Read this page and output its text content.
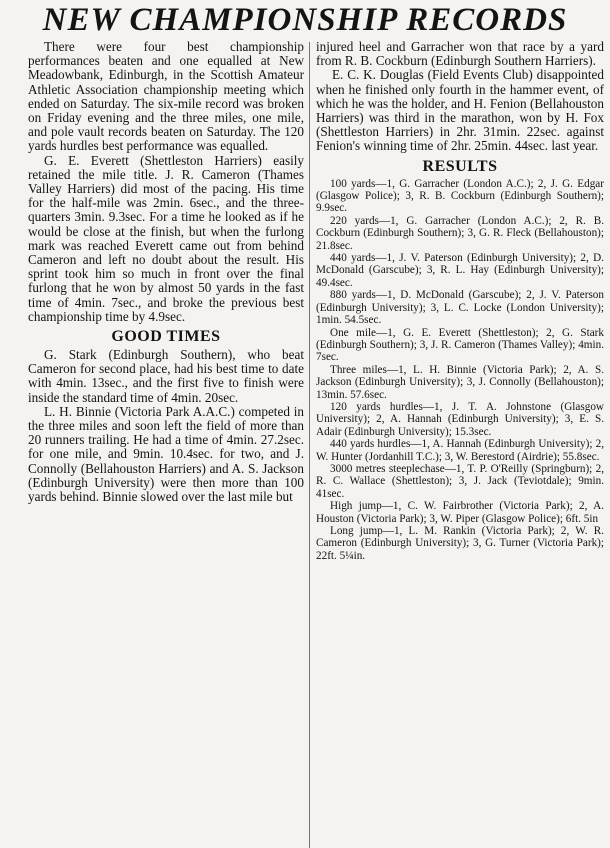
NEW CHAMPIONSHIP RECORDS

There were four best championship performances beaten and one equalled at New Meadowbank, Edinburgh, in the Scottish Amateur Athletic Association championship meeting which ended on Saturday. The six-mile record was broken on Friday evening and the three miles, one mile, and pole vault records beaten on Saturday. The 120 yards hurdles best performance was equalled.

G. E. Everett (Shettleston Harriers) easily retained the mile title. J. R. Cameron (Thames Valley Harriers) did most of the pacing. His time for the half-mile was 2min. 6sec., and the three-quarters 3min. 9.3sec. For a time he looked as if he would be close at the finish, but when the furlong mark was reached Everett came out from behind Cameron and left no doubt about the result. His sprint took him so much in front over the final furlong that he won by almost 50 yards in the fast time of 4min. 7sec., and broke the previous best championship time by 4.9sec.

GOOD TIMES

G. Stark (Edinburgh Southern), who beat Cameron for second place, had his best time to date with 4min. 13sec., and the first five to finish were inside the standard time of 4min. 20sec.

L. H. Binnie (Victoria Park A.A.C.) competed in the three miles and soon left the field of more than 20 runners trailing. He had a time of 4min. 27.2sec. for one mile, and 9min. 10.4sec. for two, and J. Connolly (Bellahouston Harriers) and A. S. Jackson (Edinburgh University) were then more than 100 yards behind. Binnie slowed over the last mile but

injured heel and Garracher won that race by a yard from R. B. Cockburn (Edinburgh Southern Harriers).

E. C. K. Douglas (Field Events Club) disappointed when he finished only fourth in the hammer event, of which he was the holder, and H. Fenion (Bellahouston Harriers) was third in the marathon, won by H. Fox (Shettleston Harriers) in 2hr. 31min. 22sec. against Fenion's winning time of 2hr. 25min. 44sec. last year.

RESULTS

100 yards—1, G. Garracher (London A.C.); 2, J. G. Edgar (Glasgow Police); 3, R. B. Cockburn (Edinburgh Southern); 9.9sec.

220 yards—1, G. Garracher (London A.C.); 2, R. B. Cockburn (Edinburgh Southern); 3, G. R. Fleck (Bellahouston); 21.8sec.

440 yards—1, J. V. Paterson (Edinburgh University); 2, D. McDonald (Garscube); 3, R. L. Hay (Edinburgh University); 49.4sec.

880 yards—1, D. McDonald (Garscube); 2, J. V. Paterson (Edinburgh University); 3, L. C. Locke (London University); 1min. 54.5sec.

One mile—1, G. E. Everett (Shettleston); 2, G. Stark (Edinburgh Southern); 3, J. R. Cameron (Thames Valley); 4min. 7sec.

Three miles—1, L. H. Binnie (Victoria Park); 2, A. S. Jackson (Edinburgh University); 3, J. Connolly (Bellahouston); 13min. 57.6sec.

120 yards hurdles—1, J. T. A. Johnstone (Glasgow University); 2, A. Hannah (Edinburgh University); 3, E. S. Adair (Edinburgh University); 15.3sec.

440 yards hurdles—1, A. Hannah (Edinburgh University); 2, W. Hunter (Jordanhill T.C.); 3, W. Berestord (Airdrie); 55.8sec.

3000 metres steeplechase—1, T. P. O'Reilly (Springburn); 2, R. C. Wallace (Shettleston); 3, J. Jack (Teviotdale); 9min. 41sec.

High jump—1, C. W. Fairbrother (Victoria Park); 2, A. Houston (Victoria Park); 3, W. Piper (Glasgow Police); 6ft. 5in

Long jump—1, L. M. Rankin (Victoria Park); 2, W. R. Cameron (Edinburgh University); 3, G. Turner (Victoria Park); 22ft. 5¼in.
